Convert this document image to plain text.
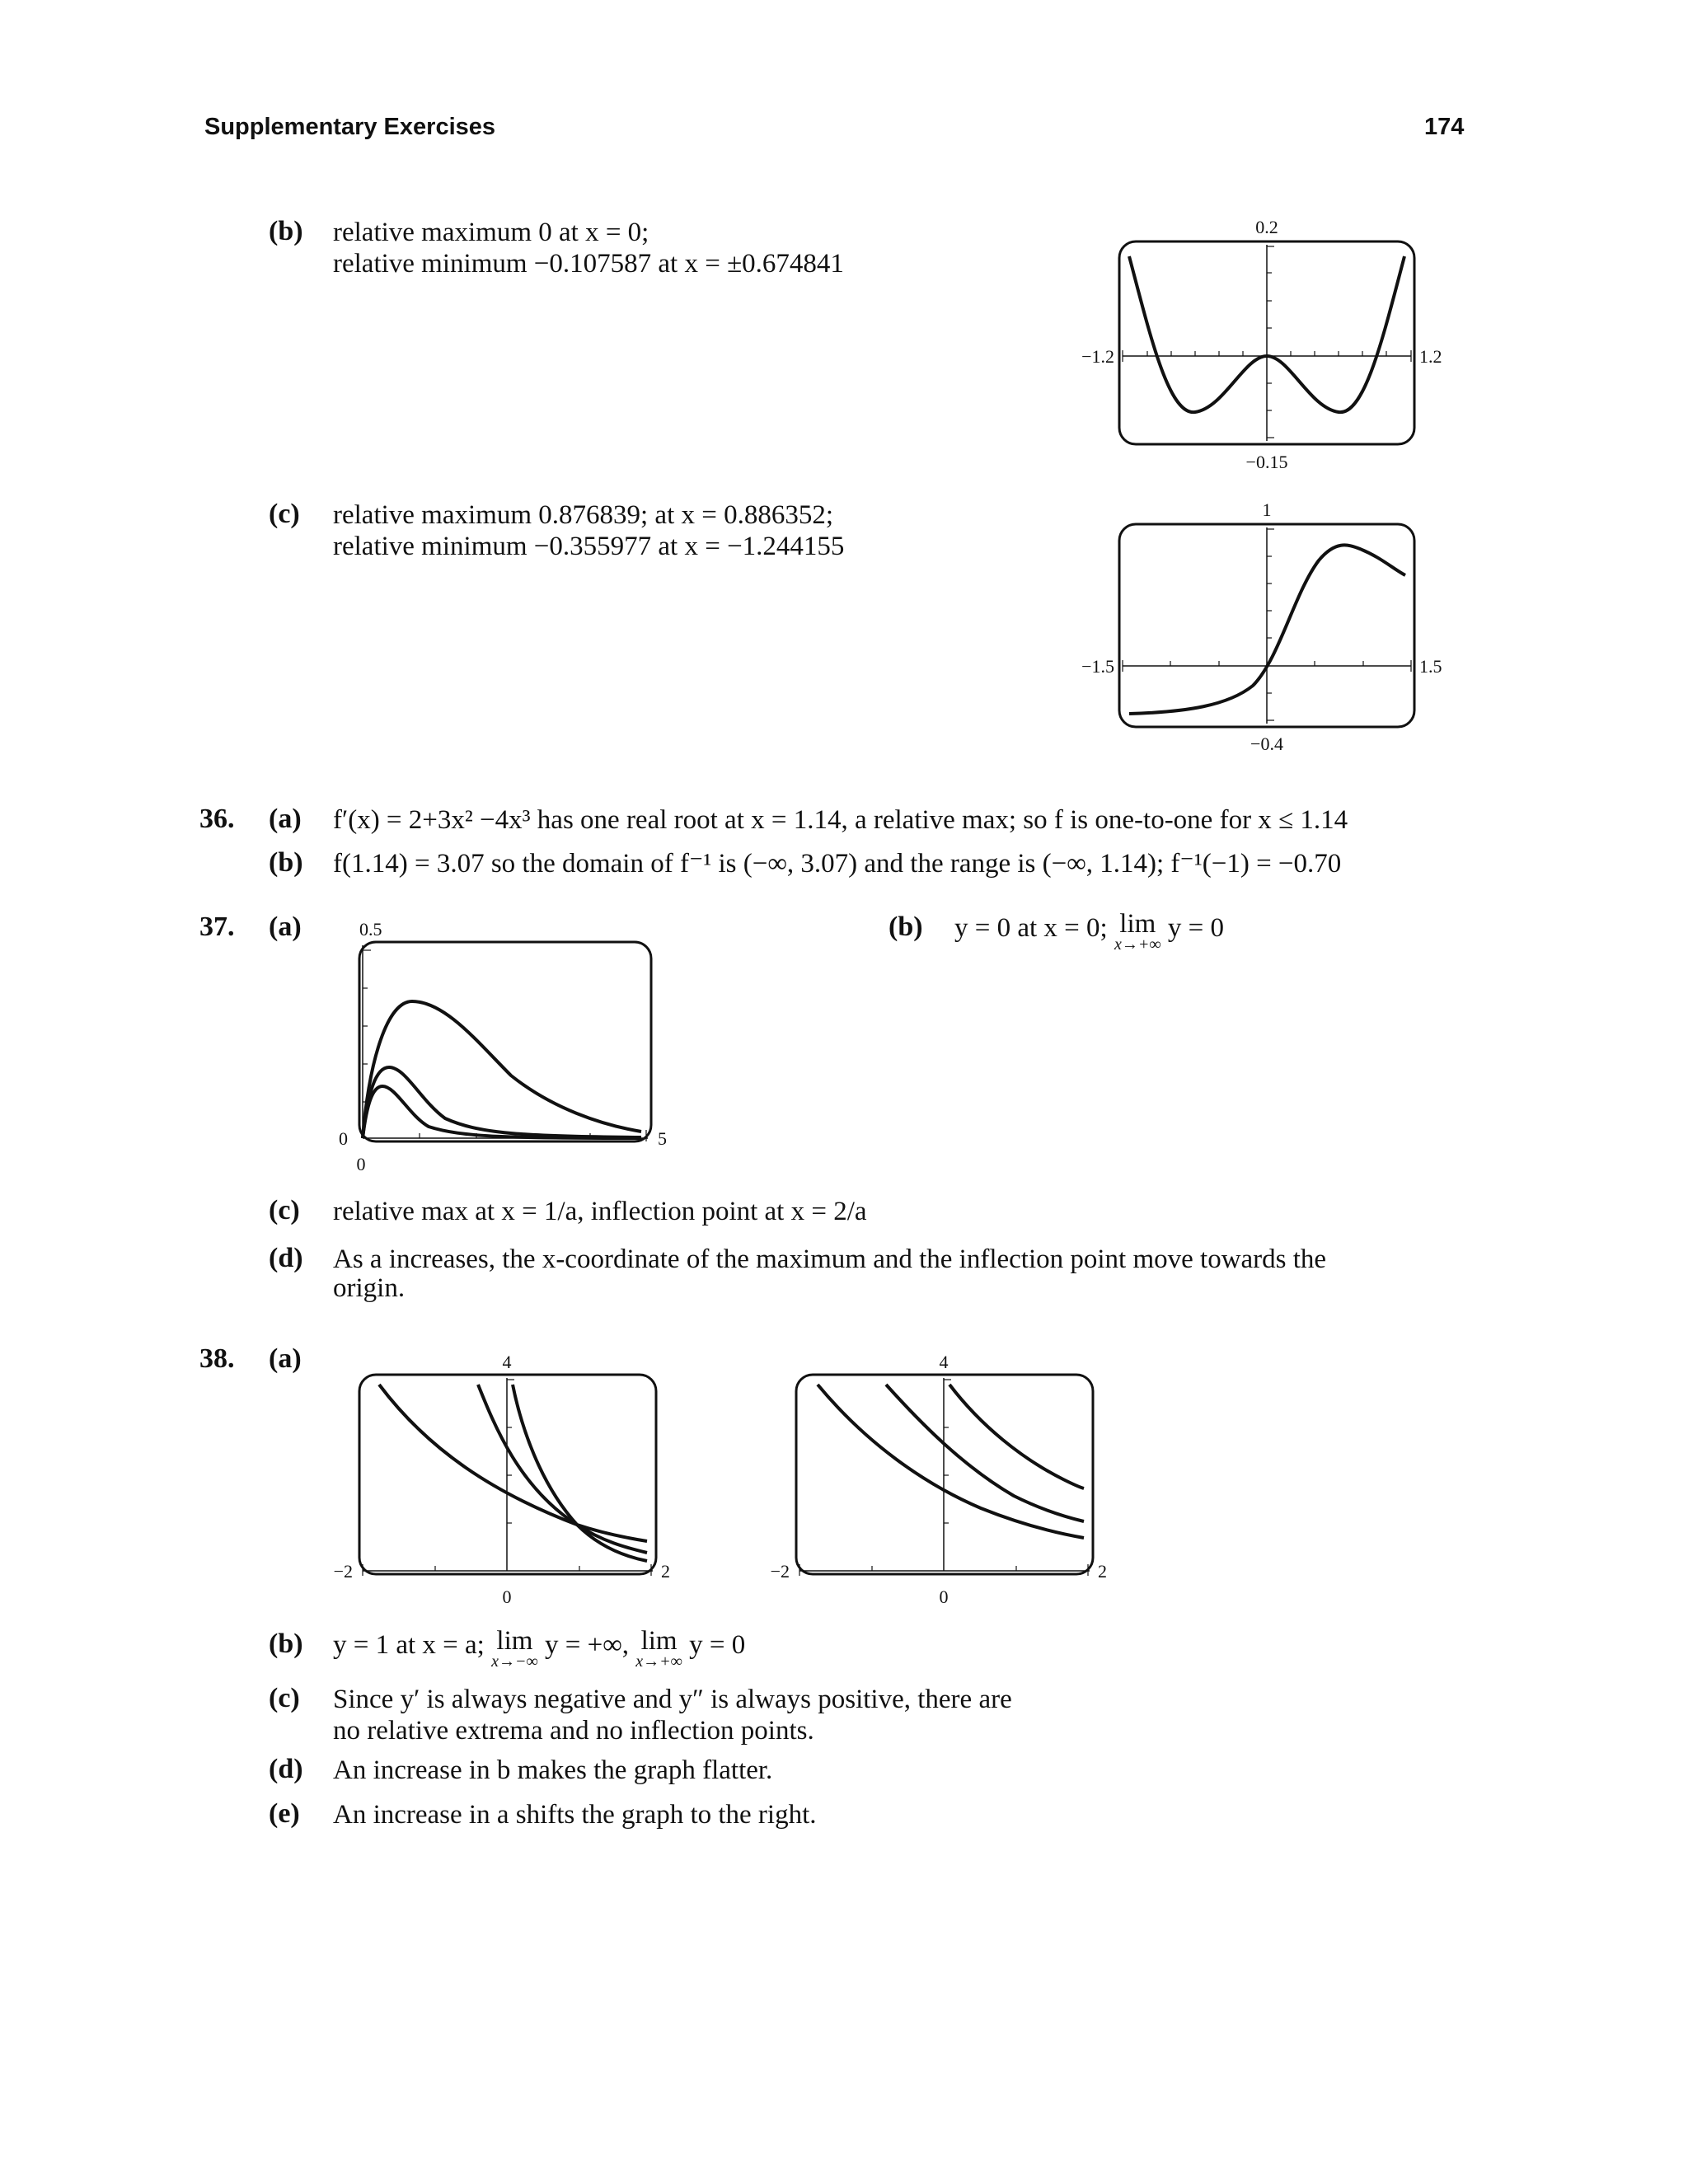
Supplementary Exercises	174
(b) relative maximum 0 at x = 0;
relative minimum −0.107587 at x = ±0.674841
0.2
−0.15
−1.2	1.2
(c) relative maximum 0.876839; at x = 0.886352;
relative minimum −0.355977 at x = −1.244155
1
−0.4
−1.5	1.5
36. (a) f′(x) = 2+3x² −4x³ has one real root at x = 1.14, a relative max; so f is one-to-one for x ≤ 1.14
(b) f(1.14) = 3.07 so the domain of f⁻¹ is (−∞, 3.07) and the range is (−∞, 1.14); f⁻¹(−1) = −0.70
37. (a)	0.5
0
0
5
(b) y = 0 at x = 0; lim
x→+∞
y = 0
(c) relative max at x = 1/a, inflection point at x = 2/a
(d) As a increases, the x-coordinate of the maximum and the inflection point move towards the
origin.
38. (a)	4
0
−2	2
4
0
−2	2
(b) y = 1 at x = a; lim
x→−∞
y = +∞, lim
x→+∞
y = 0
(c) Since y′ is always negative and y″ is always positive, there are
no relative extrema and no inflection points.
(d) An increase in b makes the graph flatter.
(e) An increase in a shifts the graph to the right.
